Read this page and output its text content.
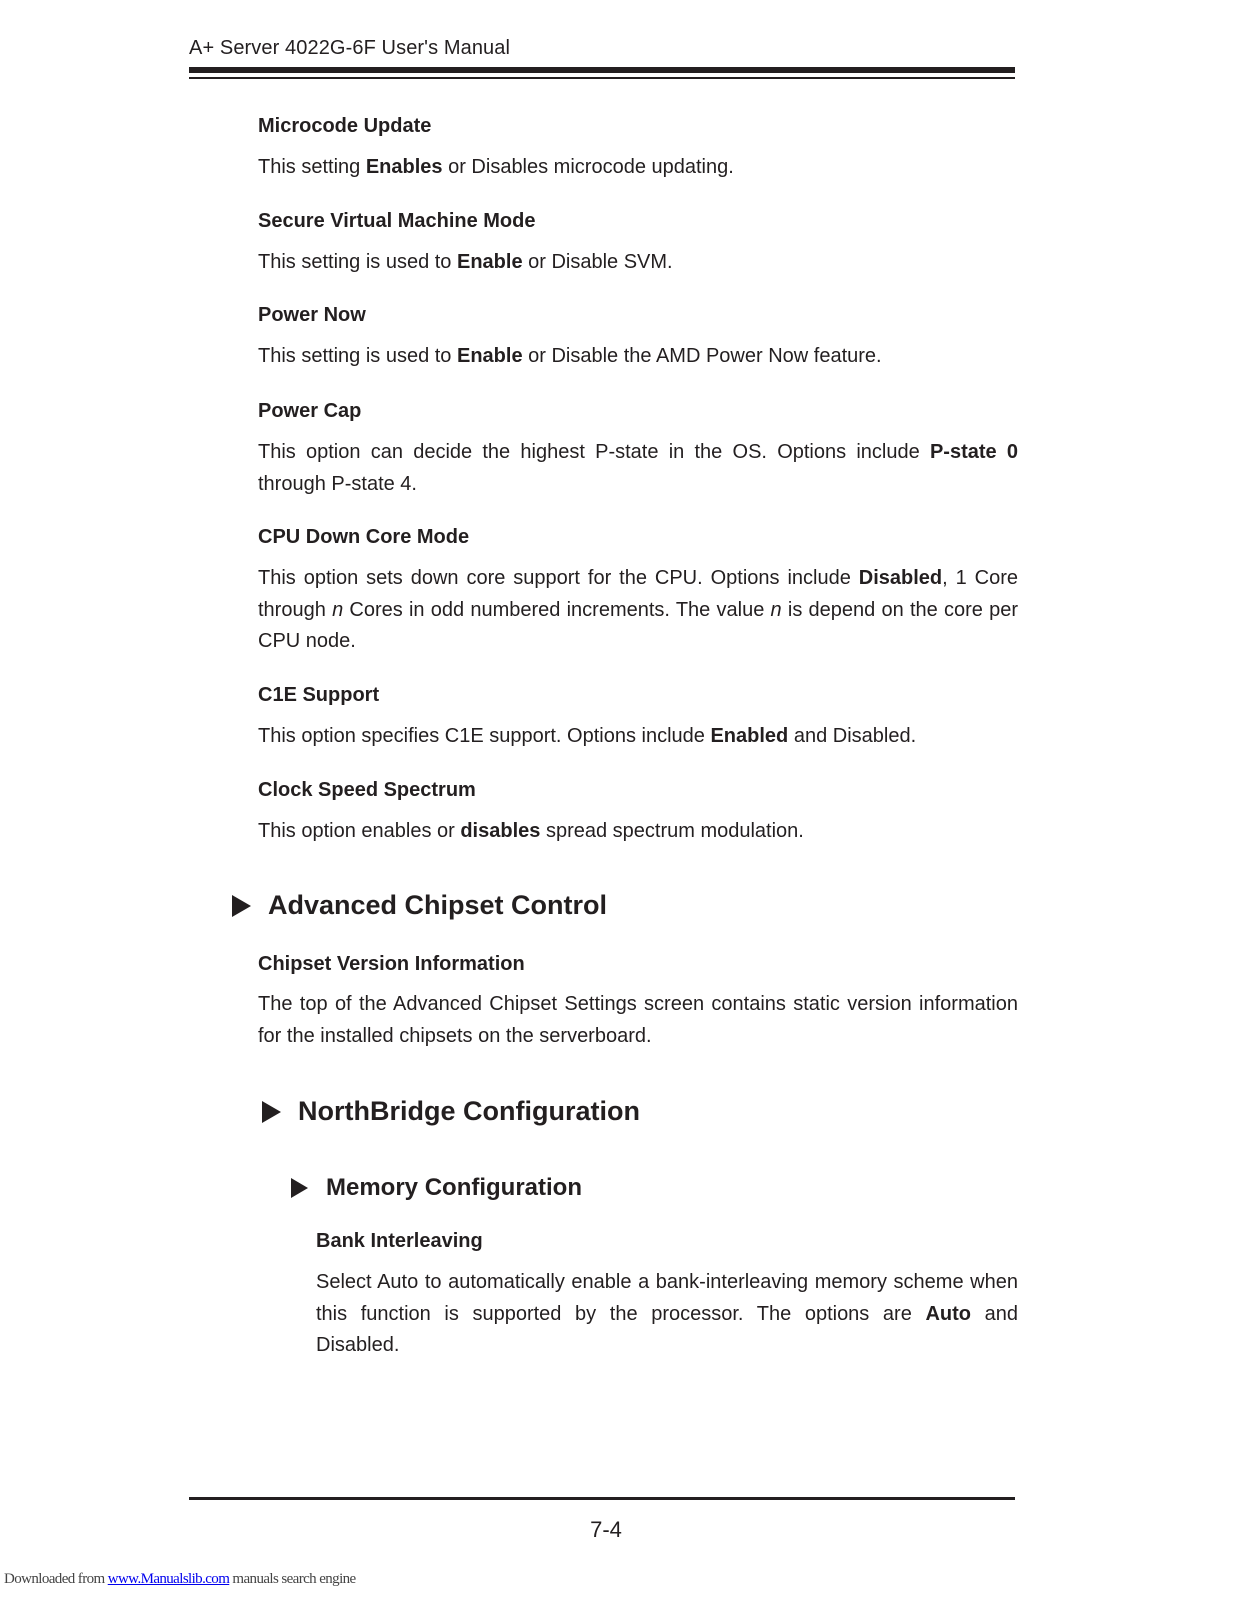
A+ Server 4022G-6F User's Manual
Microcode Update
This setting Enables or Disables microcode updating.
Secure Virtual Machine Mode
This setting is used to Enable or Disable SVM.
Power Now
This setting is used to Enable or Disable the AMD Power Now feature.
Power Cap
This option can decide the highest P-state in the OS. Options include P-state 0 through P-state 4.
CPU Down Core Mode
This option sets down core support for the CPU. Options include Disabled, 1 Core through n Cores in odd numbered increments. The value n is depend on the core per CPU node.
C1E Support
This option specifies C1E support. Options include Enabled and Disabled.
Clock Speed Spectrum
This option enables or disables spread spectrum modulation.
Advanced Chipset Control
Chipset Version Information
The top of the Advanced Chipset Settings screen contains static version information for the installed chipsets on the serverboard.
NorthBridge Configuration
Memory Configuration
Bank Interleaving
Select Auto to automatically enable a bank-interleaving memory scheme when this function is supported by the processor. The options are Auto and Disabled.
7-4
Downloaded from www.Manualslib.com manuals search engine
